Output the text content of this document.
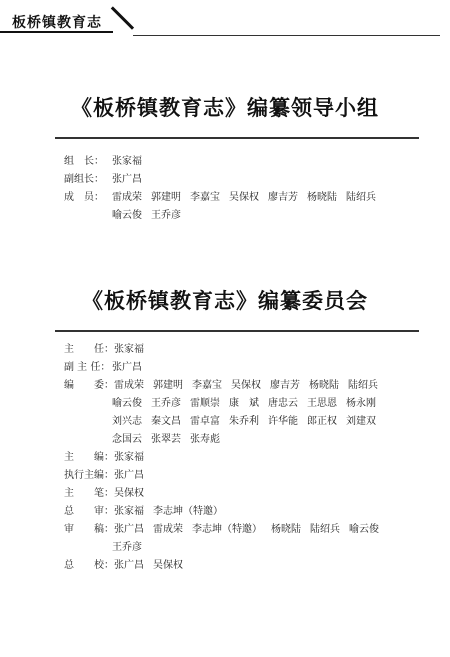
板桥镇教育志
《板桥镇教育志》编纂领导小组
组　长： 张家福
副组长： 张广昌
成　员： 雷成荣 郭建明 李嘉宝 吴保权 廖吉芳 杨晓陆 陆绍兵
喻云俊 王乔彦
《板桥镇教育志》编纂委员会
主　　任： 张家福
副 主 任： 张广昌
编　　委： 雷成荣 郭建明 李嘉宝 吴保权 廖吉芳 杨晓陆 陆绍兵
喻云俊 王乔彦 雷顺崇 康　斌 唐忠云 王思恩 杨永刚
刘兴志 秦文昌 雷卓富 朱乔利 许华能 郎正权 刘建双
念国云 张翠芸 张寿彪
主　　编： 张家福
执行主编： 张广昌
主　　笔： 吴保权
总　　审： 张家福 李志坤（特邀）
审　　稿： 张广昌 雷成荣 李志坤（特邀） 杨晓陆 陆绍兵 喻云俊
王乔彦
总　　校： 张广昌 吴保权
